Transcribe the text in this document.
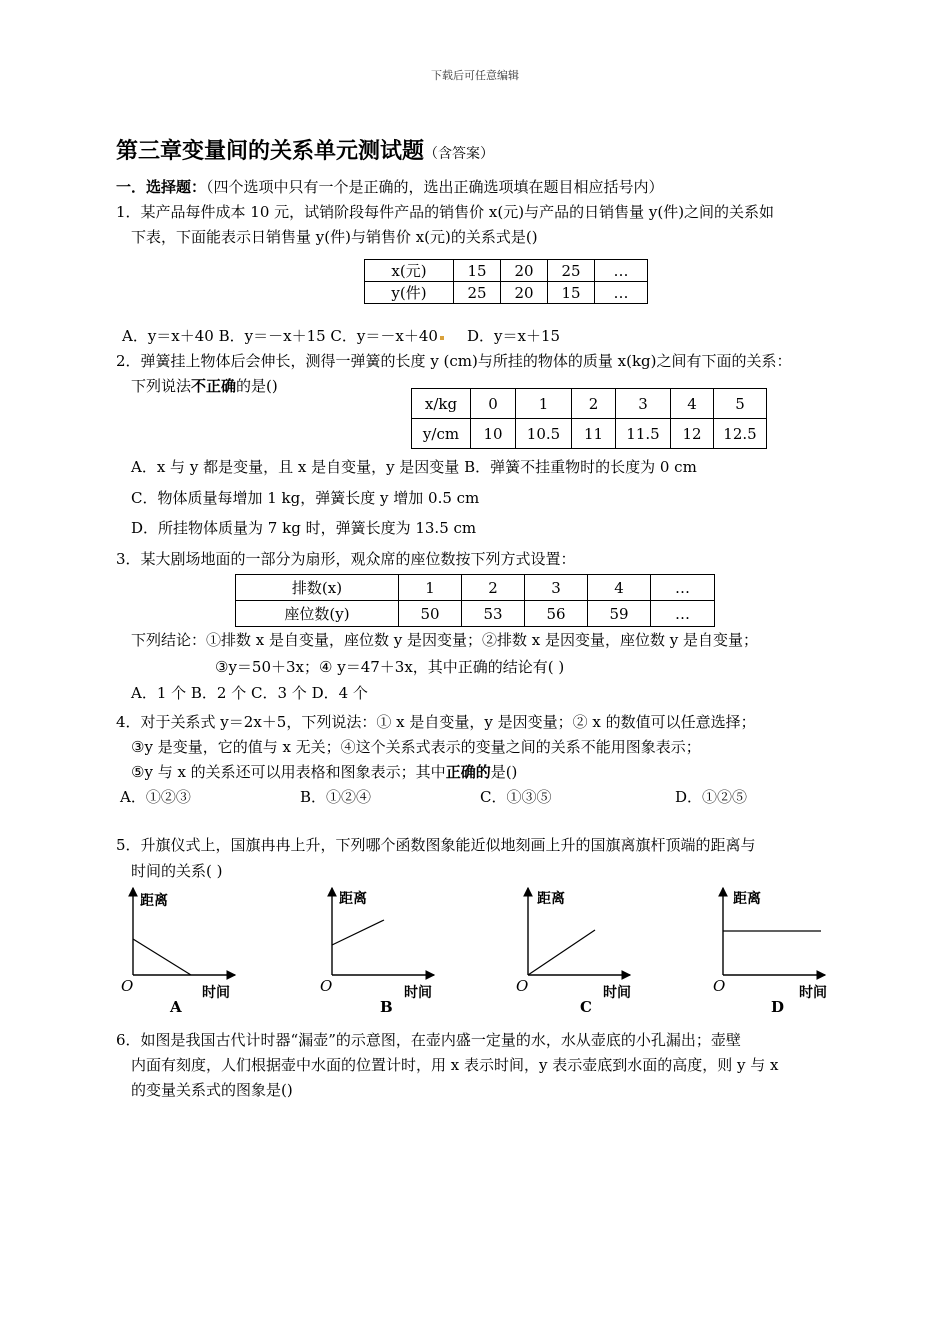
下载后可任意编辑
第三章变量间的关系单元测试题（含答案）
一．选择题：（四个选项中只有一个是正确的，选出正确选项填在题目相应括号内）
1．某产品每件成本 10 元，试销阶段每件产品的销售价 x(元)与产品的日销售量 y(件)之间的关系如
下表，下面能表示日销售量 y(件)与销售价 x(元)的关系式是()
x(元)	15	20	25	…
y(件)	25	20	15	…
A．y＝x＋40 B．y＝－x＋15 C．y＝－x＋40 D．y＝x＋15
2．弹簧挂上物体后会伸长，测得一弹簧的长度 y (cm)与所挂的物体的质量 x(kg)之间有下面的关系：
下列说法不正确的是()
x/kg	0	1	2	3	4	5
y/cm	10	10.5	11	11.5	12	12.5
A．x 与 y 都是变量，且 x 是自变量，y 是因变量 B．弹簧不挂重物时的长度为 0 cm
C．物体质量每增加 1 kg，弹簧长度 y 增加 0.5 cm
D．所挂物体质量为 7 kg 时，弹簧长度为 13.5 cm
3．某大剧场地面的一部分为扇形，观众席的座位数按下列方式设置：
排数(x)	1	2	3	4	…
座位数(y)	50	53	56	59	…
下列结论：①排数 x 是自变量，座位数 y 是因变量；②排数 x 是因变量，座位数 y 是自变量；
③y＝50＋3x；④ y＝47＋3x，其中正确的结论有( )
A．1 个 B．2 个 C．3 个 D．4 个
4．对于关系式 y＝2x＋5，下列说法：① x 是自变量，y 是因变量；② x 的数值可以任意选择；
③y 是变量，它的值与 x 无关；④这个关系式表示的变量之间的关系不能用图象表示；
⑤y 与 x 的关系还可以用表格和图象表示；其中正确的是()
A．①②③	B．①②④	C．①③⑤	D．①②⑤
5．升旗仪式上，国旗冉冉上升，下列哪个函数图象能近似地刻画上升的国旗离旗杆顶端的距离与
时间的关系( )
距离
O	时间
A
距离
O	时间
B
距离
O	时间
C
距离
O	时间
D
6．如图是我国古代计时器“漏壶”的示意图，在壶内盛一定量的水，水从壶底的小孔漏出；壶壁
内面有刻度，人们根据壶中水面的位置计时，用 x 表示时间，y 表示壶底到水面的高度，则 y 与 x
的变量关系式的图象是()
